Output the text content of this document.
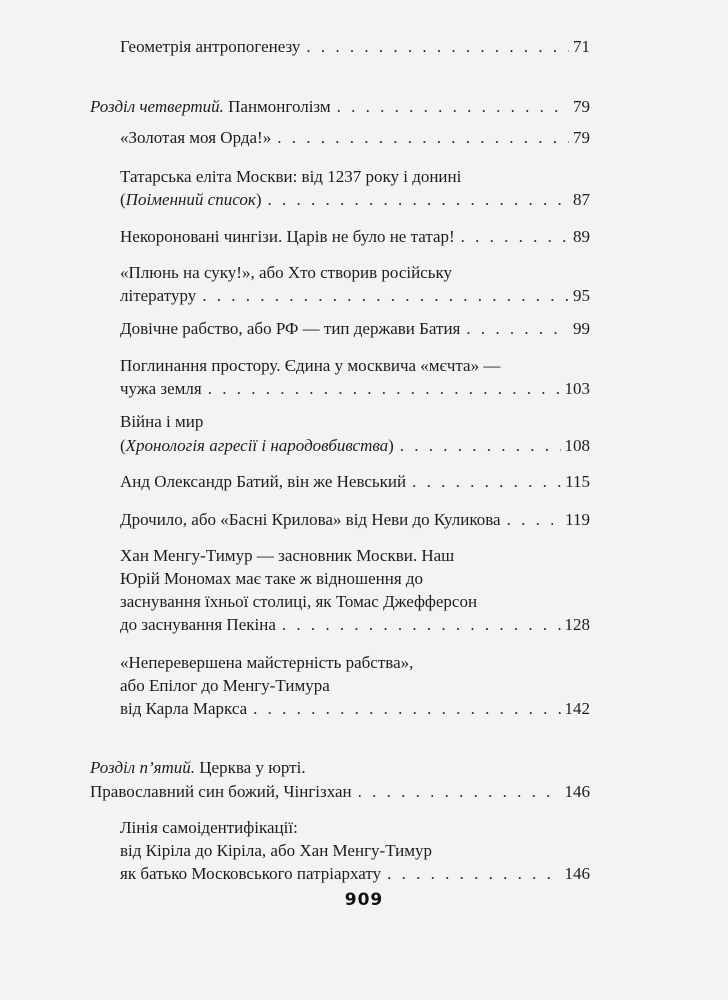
Геометрія антропогенезу . . .	71
Розділ четвертий. Панмонголізм . . .	79
«Золотая моя Орда!» . . .	79
Татарська еліта Москви: від 1237 року і донині
(Поіменний список) . . .	87
Некороновані чингізи. Царів не було не татар! . . .	89
«Плюнь на суку!», або Хто створив російську
літературу . . .	95
Довічне рабство, або РФ — тип держави Батия . . .	99
Поглинання простору. Єдина у москвича «мєчта» —
чужа земля . . .	103
Війна і мир
(Хронологія агресії і народовбивства) . . .	108
Анд Олександр Батий, він же Невський . . .	115
Дрочило, або «Басні Крилова» від Неви до Куликова . . .	119
Хан Менгу-Тимур — засновник Москви. Наш
Юрій Мономах має таке ж відношення до
заснування їхньої столиці, як Томас Джефферсон
до заснування Пекіна . . .	128
«Неперевершена майстерність рабства»,
або Епілог до Менгу-Тимура
від Карла Маркса . . .	142
Розділ п’ятий. Церква у юрті.
Православний син божий, Чінгізхан . . .	146
Лінія самоідентифікації:
від Кіріла до Кіріла, або Хан Менгу-Тимур
як батько Московського патріархату . . .	146
909
